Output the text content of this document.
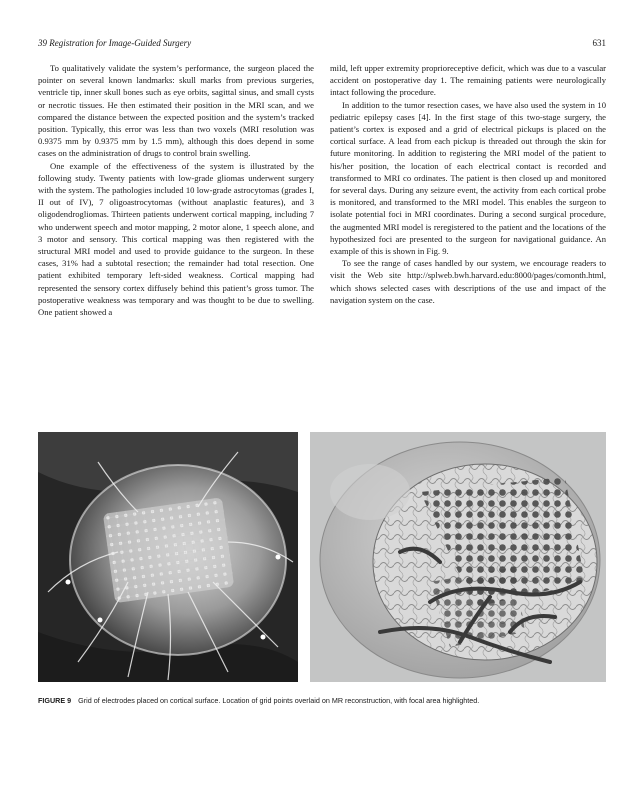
39 Registration for Image-Guided Surgery	631

To qualitatively validate the system’s performance, the surgeon placed the pointer on several known landmarks: skull marks from previous surgeries, ventricle tip, inner skull bones such as eye orbits, sagittal sinus, and small cysts or necrotic tissues. He then estimated their position in the MRI scan, and we compared the distance between the expected position and the system’s tracked position. Typically, this error was less than two voxels (MRI resolution was 0.9375 mm by 0.9375 mm by 1.5 mm), although this does depend in some cases on the administration of drugs to control brain swelling.

One example of the effectiveness of the system is illustrated by the following study. Twenty patients with low-grade gliomas underwent surgery with the system. The pathologies included 10 low-grade astrocytomas (grades I, II out of IV), 7 oligoastrocytomas (without anaplastic features), and 3 oligodendrogliomas. Thirteen patients underwent cortical mapping, including 7 who underwent speech and motor mapping, 2 motor alone, 1 speech alone, and 3 motor and sensory. This cortical mapping was then registered with the structural MRI model and used to provide guidance to the surgeon. In these cases, 31% had a subtotal resection; the remainder had total resection. One patient exhibited temporary left-sided weakness. Cortical mapping had represented the sensory cortex diffusely behind this patient’s gross tumor. The postoperative weakness was temporary and was thought to be due to swelling. One patient showed a

mild, left upper extremity proprioreceptive deficit, which was due to a vascular accident on postoperative day 1. The remaining patients were neurologically intact following the procedure.

In addition to the tumor resection cases, we have also used the system in 10 pediatric epilepsy cases [4]. In the first stage of this two-stage surgery, the patient’s cortex is exposed and a grid of electrical pickups is placed on the cortical surface. A lead from each pickup is threaded out through the skin for future monitoring. In addition to registering the MRI model of the patient to his/her position, the location of each electrical contact is recorded and transformed to MRI co ordinates. The patient is then closed up and monitored for several days. During any seizure event, the activity from each cortical probe is monitored, and transformed to the MRI model. This enables the surgeon to isolate potential foci in MRI coordinates. During a second surgical procedure, the augmented MRI model is reregistered to the patient and the locations of the hypothesized foci are presented to the surgeon for navigational guidance. An example of this is shown in Fig. 9.

To see the range of cases handled by our system, we encourage readers to visit the Web site http://splweb.bwh.harvard.edu:8000/pages/comonth.html, which shows selected cases with descriptions of the use and impact of the navigation system on the case.

FIGURE 9 Grid of electrodes placed on cortical surface. Location of grid points overlaid on MR reconstruction, with focal area highlighted.
